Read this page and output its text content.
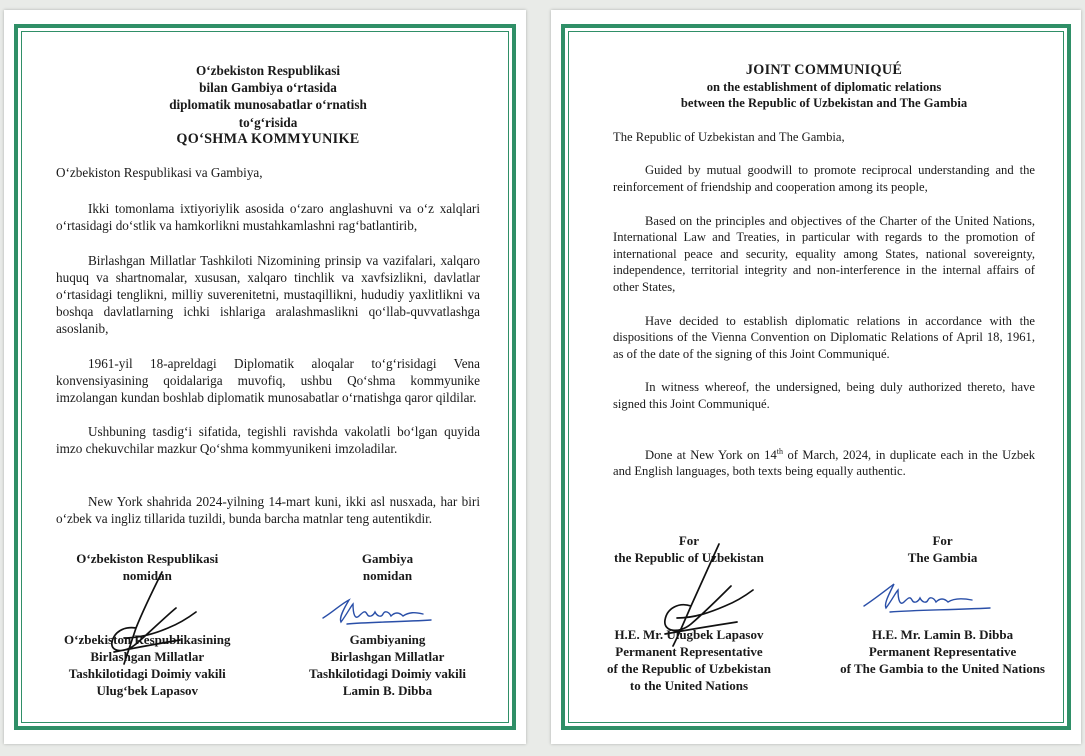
O‘zbekiston Respublikasi
bilan Gambiya o‘rtasida
diplomatik munosabatlar o‘rnatish
to‘g‘risida
QO‘SHMA KOMMYUNIKE

O‘zbekiston Respublikasi va Gambiya,

Ikki tomonlama ixtiyoriylik asosida o‘zaro anglashuvni va o‘z xalqlari o‘rtasidagi do‘stlik va hamkorlikni mustahkamlashni rag‘batlantirib,

Birlashgan Millatlar Tashkiloti Nizomining prinsip va vazifalari, xalqaro huquq va shartnomalar, xususan, xalqaro tinchlik va xavfsizlikni, davlatlar o‘rtasidagi tenglikni, milliy suverenitetni, mustaqillikni, hududiy yaxlitlikni va boshqa davlatlarning ichki ishlariga aralashmaslikni qo‘llab-quvvatlashga asoslanib,

1961-yil 18-apreldagi Diplomatik aloqalar to‘g‘risidagi Vena konvensiyasining qoidalariga muvofiq, ushbu Qo‘shma kommyunike imzolangan kundan boshlab diplomatik munosabatlar o‘rnatishga qaror qildilar.

Ushbuning tasdig‘i sifatida, tegishli ravishda vakolatli bo‘lgan quyida imzo chekuvchilar mazkur Qo‘shma kommyunikeni imzoladilar.

New York shahrida 2024-yilning 14-mart kuni, ikki asl nusxada, har biri o‘zbek va ingliz tillarida tuzildi, bunda barcha matnlar teng autentikdir.

O‘zbekiston Respublikasi
nomidan
O‘zbekiston Respublikasining
Birlashgan Millatlar
Tashkilotidagi Doimiy vakili
Ulug‘bek Lapasov
Gambiya
nomidan
Gambiyaning
Birlashgan Millatlar
Tashkilotidagi Doimiy vakili
Lamin B. Dibba
JOINT COMMUNIQUÉ
on the establishment of diplomatic relations
between the Republic of Uzbekistan and The Gambia

The Republic of Uzbekistan and The Gambia,

Guided by mutual goodwill to promote reciprocal understanding and the reinforcement of friendship and cooperation among its people,

Based on the principles and objectives of the Charter of the United Nations, International Law and Treaties, in particular with regards to the promotion of international peace and security, equality among States, national sovereignty, independence, territorial integrity and non-interference in the internal affairs of other States,

Have decided to establish diplomatic relations in accordance with the dispositions of the Vienna Convention on Diplomatic Relations of April 18, 1961, as of the date of the signing of this Joint Communiqué.

In witness whereof, the undersigned, being duly authorized thereto, have signed this Joint Communiqué.

Done at New York on 14th of March, 2024, in duplicate each in the Uzbek and English languages, both texts being equally authentic.

For
the Republic of Uzbekistan
H.E. Mr. Ulugbek Lapasov
Permanent Representative
of the Republic of Uzbekistan
to the United Nations
For
The Gambia
H.E. Mr. Lamin B. Dibba
Permanent Representative
of The Gambia to the United Nations
